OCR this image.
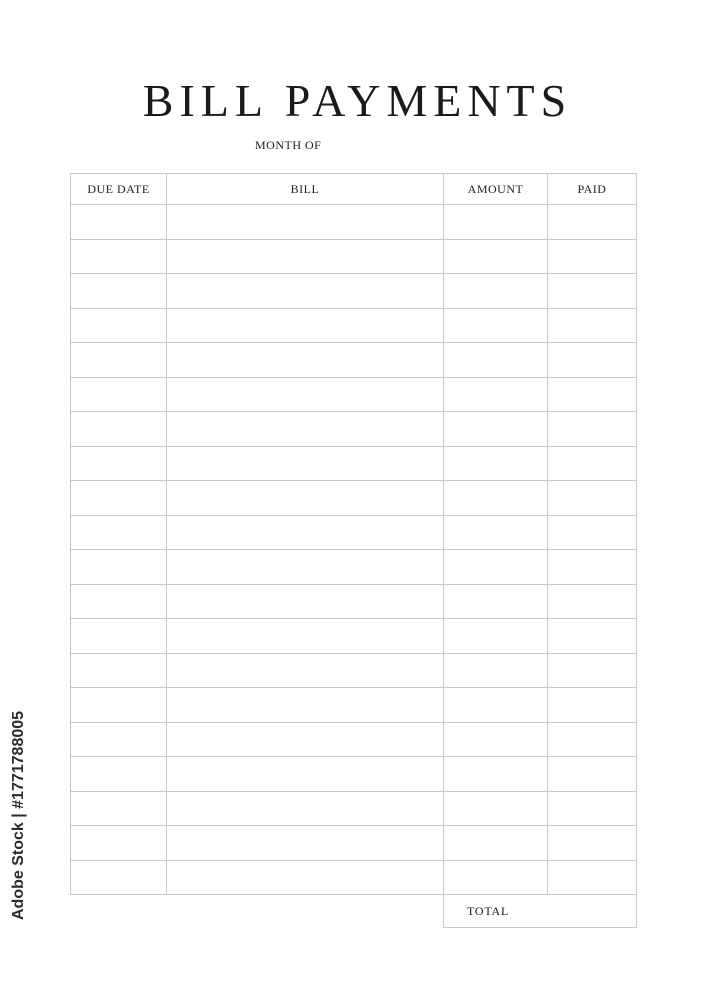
BILL PAYMENTS
MONTH OF
DUE DATE	BILL	AMOUNT	PAID

TOTAL
Adobe Stock | #1771788005
